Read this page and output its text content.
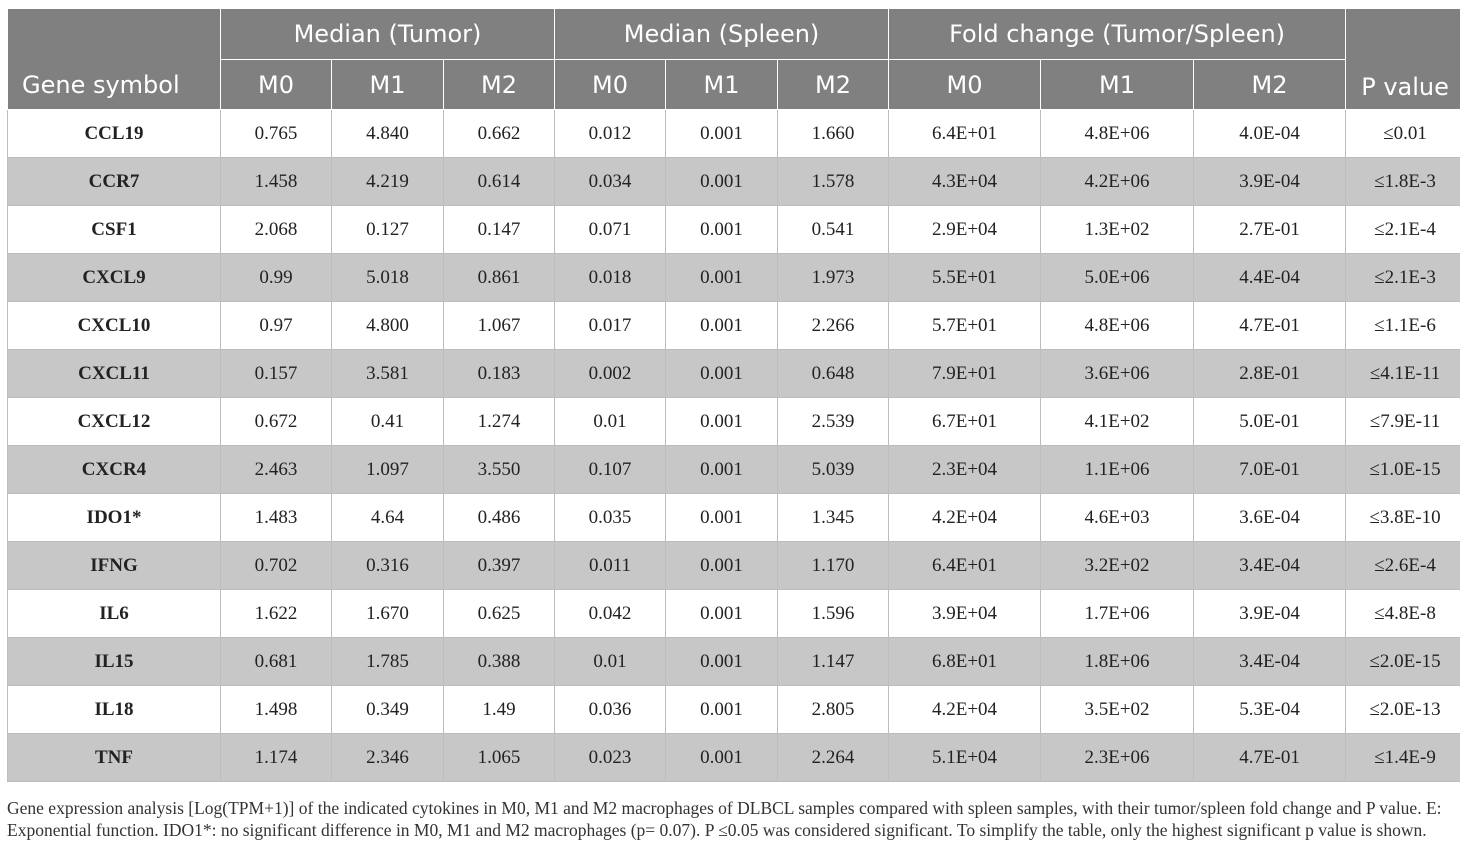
Gene symbol	Median (Tumor)			Median (Spleen)			Fold change (Tumor/Spleen)			P value
	M0	M1	M2	M0	M1	M2	M0	M1	M2	
CCL19	0.765	4.840	0.662	0.012	0.001	1.660	6.4E+01	4.8E+06	4.0E-04	≤0.01
CCR7	1.458	4.219	0.614	0.034	0.001	1.578	4.3E+04	4.2E+06	3.9E-04	≤1.8E-3
CSF1	2.068	0.127	0.147	0.071	0.001	0.541	2.9E+04	1.3E+02	2.7E-01	≤2.1E-4
CXCL9	0.99	5.018	0.861	0.018	0.001	1.973	5.5E+01	5.0E+06	4.4E-04	≤2.1E-3
CXCL10	0.97	4.800	1.067	0.017	0.001	2.266	5.7E+01	4.8E+06	4.7E-01	≤1.1E-6
CXCL11	0.157	3.581	0.183	0.002	0.001	0.648	7.9E+01	3.6E+06	2.8E-01	≤4.1E-11
CXCL12	0.672	0.41	1.274	0.01	0.001	2.539	6.7E+01	4.1E+02	5.0E-01	≤7.9E-11
CXCR4	2.463	1.097	3.550	0.107	0.001	5.039	2.3E+04	1.1E+06	7.0E-01	≤1.0E-15
IDO1*	1.483	4.64	0.486	0.035	0.001	1.345	4.2E+04	4.6E+03	3.6E-04	≤3.8E-10
IFNG	0.702	0.316	0.397	0.011	0.001	1.170	6.4E+01	3.2E+02	3.4E-04	≤2.6E-4
IL6	1.622	1.670	0.625	0.042	0.001	1.596	3.9E+04	1.7E+06	3.9E-04	≤4.8E-8
IL15	0.681	1.785	0.388	0.01	0.001	1.147	6.8E+01	1.8E+06	3.4E-04	≤2.0E-15
IL18	1.498	0.349	1.49	0.036	0.001	2.805	4.2E+04	3.5E+02	5.3E-04	≤2.0E-13
TNF	1.174	2.346	1.065	0.023	0.001	2.264	5.1E+04	2.3E+06	4.7E-01	≤1.4E-9
Gene expression analysis [Log(TPM+1)] of the indicated cytokines in M0, M1 and M2 macrophages of DLBCL samples compared with spleen samples, with their tumor/spleen fold change and P value. E: Exponential function. IDO1*: no significant difference in M0, M1 and M2 macrophages (p= 0.07). P ≤0.05 was considered significant. To simplify the table, only the highest significant p value is shown.
